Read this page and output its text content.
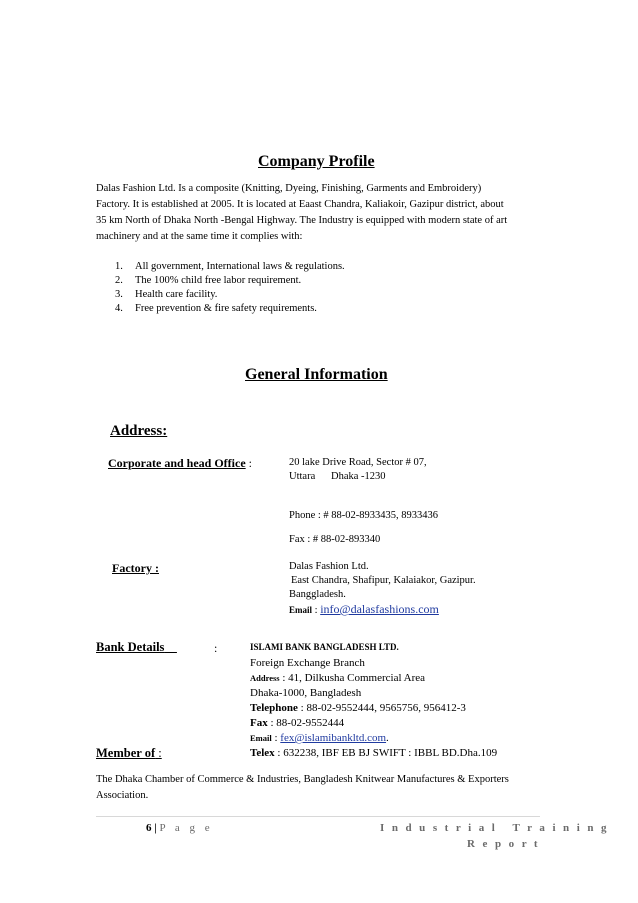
Company Profile
Dalas Fashion Ltd. Is a composite (Knitting, Dyeing, Finishing, Garments and Embroidery)
Factory. It is established at 2005. It is located at Eaast Chandra, Kaliakoir, Gazipur district, about
35 km North of Dhaka North -Bengal Highway. The Industry is equipped with modern state of art
machinery and at the same time it complies with:
1.	All government, International laws & regulations.
2.	The 100% child free labor requirement.
3.	Health care facility.
4.	Free prevention & fire safety requirements.
General Information
Address:
Corporate and head Office :	20 lake Drive Road, Sector # 07,
Uttara      Dhaka -1230
Phone : # 88-02-8933435, 8933436
Fax : # 88-02-893340
Factory :	Dalas Fashion Ltd.
East Chandra, Shafipur, Kalaiakor, Gazipur.
Banggladesh.
Email : info@dalasfashions.com
Bank Details	:	ISLAMI BANK BANGLADESH LTD.
Foreign Exchange Branch
Address : 41, Dilkusha Commercial Area
Dhaka-1000, Bangladesh
Telephone : 88-02-9552444, 9565756, 956412-3
Fax : 88-02-9552444
Email : fex@islamibankltd.com.
Telex : 632238, IBF EB BJ SWIFT : IBBL BD.Dha.109
Member of :
The Dhaka Chamber of Commerce & Industries, Bangladesh Knitwear Manufactures & Exporters
Association.
6 | P a g e	I n d u s t r i a l   T r a i n i n g
R e p o r t
